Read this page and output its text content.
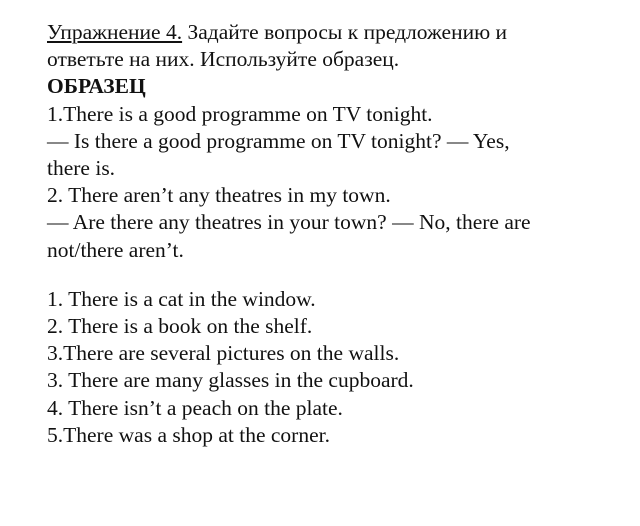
Упражнение 4. Задайте вопросы к предложению и
ответьте на них. Используйте образец.
ОБРАЗЕЦ
1.There is a good programme on TV tonight.
— Is there a good programme on TV tonight? — Yes,
there is.
2. There aren’t any theatres in my town.
— Are there any theatres in your town? — No, there are
not/there aren’t.
1. There is a cat in the window.
2. There is a book on the shelf.
3.There are several pictures on the walls.
3. There are many glasses in the cupboard.
4. There isn’t a peach on the plate.
5.There was a shop at the corner.
